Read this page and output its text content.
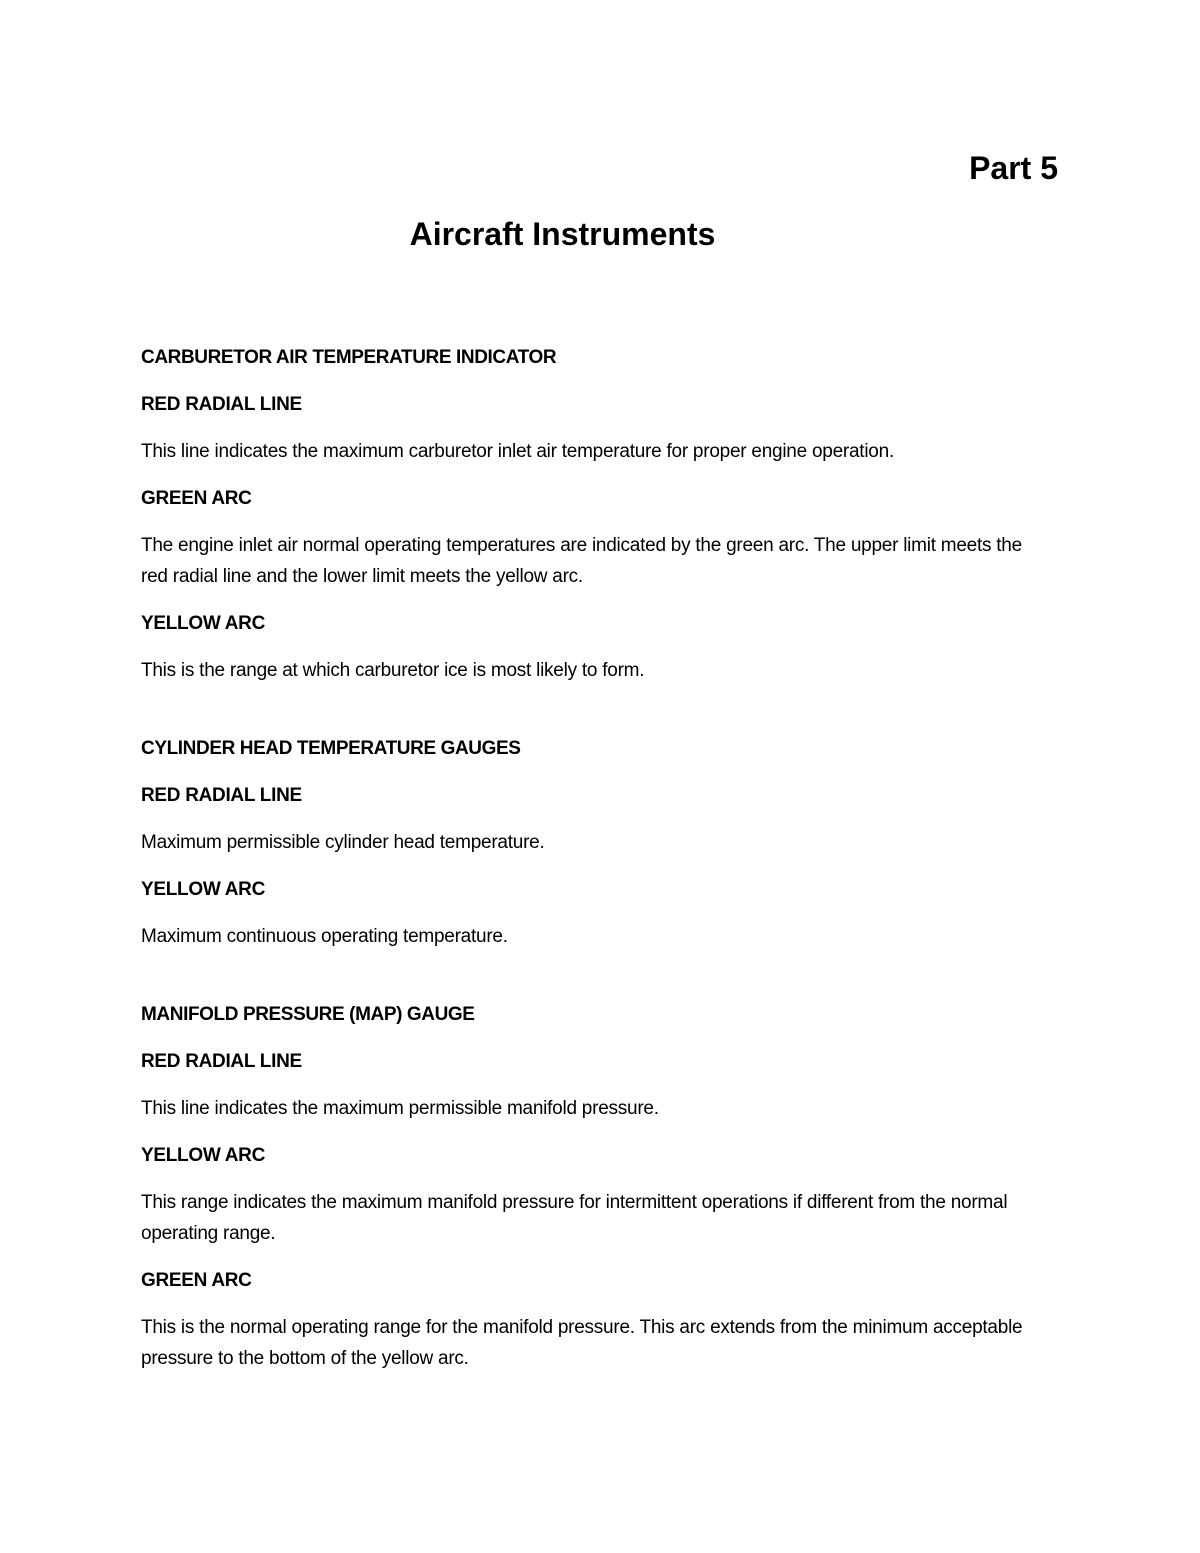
Part 5
Aircraft Instruments
CARBURETOR AIR TEMPERATURE INDICATOR
RED RADIAL LINE
This line indicates the maximum carburetor inlet air temperature for proper engine operation.
GREEN ARC
The engine inlet air normal operating temperatures are indicated by the green arc. The upper limit meets the red radial line and the lower limit meets the yellow arc.
YELLOW ARC
This is the range at which carburetor ice is most likely to form.
CYLINDER HEAD TEMPERATURE GAUGES
RED RADIAL LINE
Maximum permissible cylinder head temperature.
YELLOW ARC
Maximum continuous operating temperature.
MANIFOLD PRESSURE (MAP) GAUGE
RED RADIAL LINE
This line indicates the maximum permissible manifold pressure.
YELLOW ARC
This range indicates the maximum manifold pressure for intermittent operations if different from the normal operating range.
GREEN ARC
This is the normal operating range for the manifold pressure. This arc extends from the minimum acceptable pressure to the bottom of the yellow arc.
